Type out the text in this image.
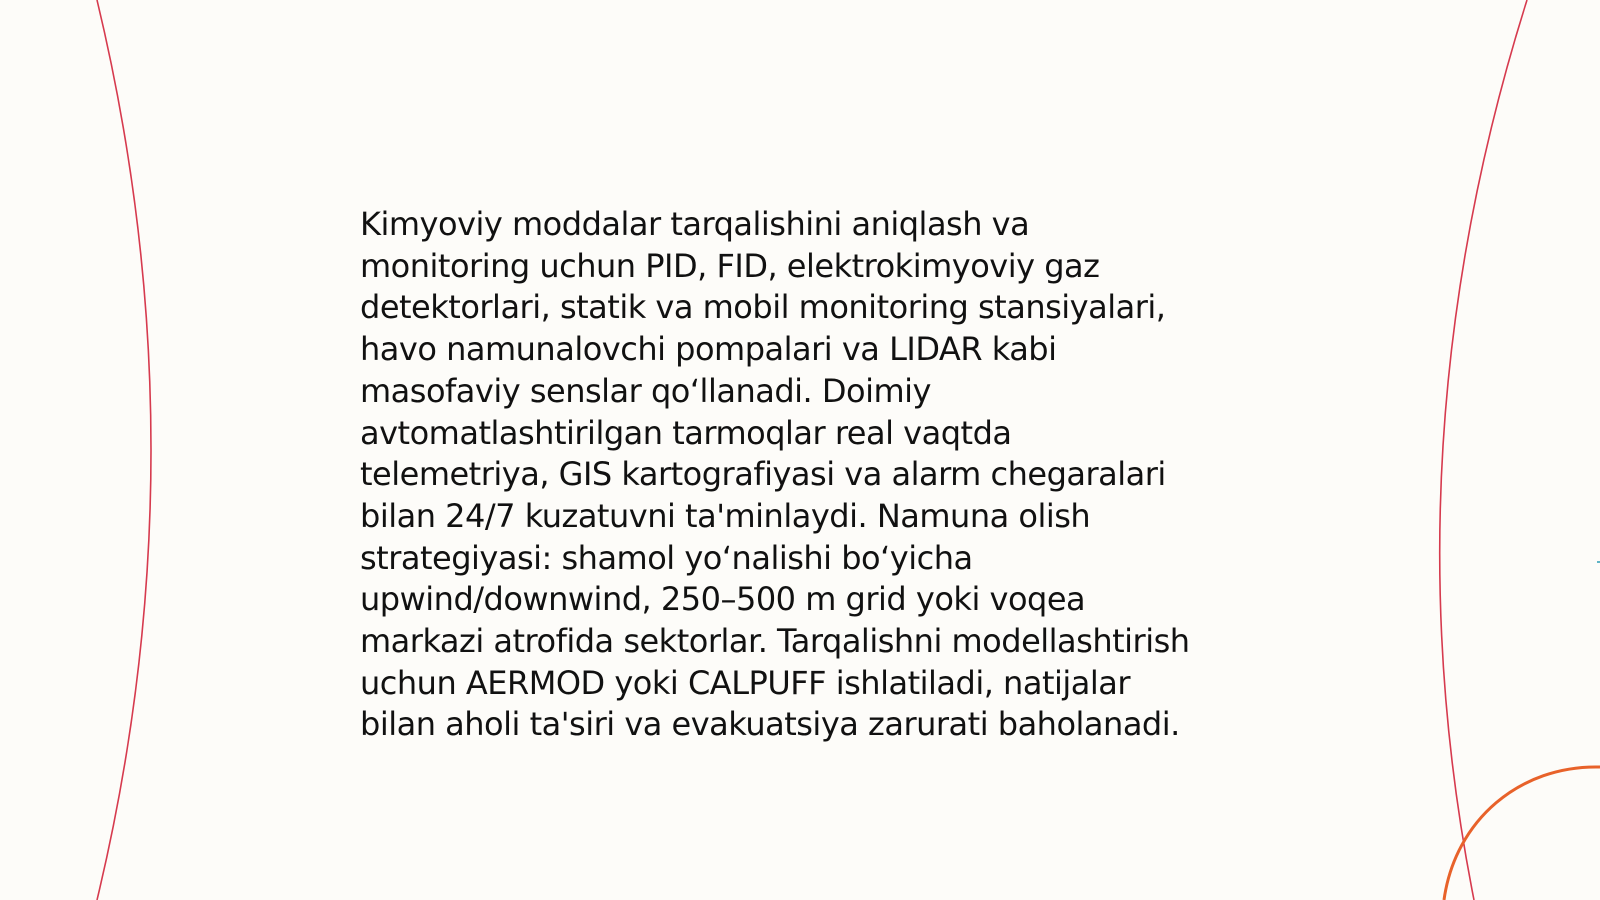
Kimyoviy moddalar tarqalishini aniqlash va
monitoring uchun PID, FID, elektrokimyoviy gaz
detektorlari, statik va mobil monitoring stansiyalari,
havo namunalovchi pompalari va LIDAR kabi
masofaviy senslar qo‘llanadi. Doimiy
avtomatlashtirilgan tarmoqlar real vaqtda
telemetriya, GIS kartografiyasi va alarm chegaralari
bilan 24/7 kuzatuvni ta'minlaydi. Namuna olish
strategiyasi: shamol yo‘nalishi bo‘yicha
upwind/downwind, 250–500 m grid yoki voqea
markazi atrofida sektorlar. Tarqalishni modellashtirish
uchun AERMOD yoki CALPUFF ishlatiladi, natijalar
bilan aholi ta'siri va evakuatsiya zarurati baholanadi.
